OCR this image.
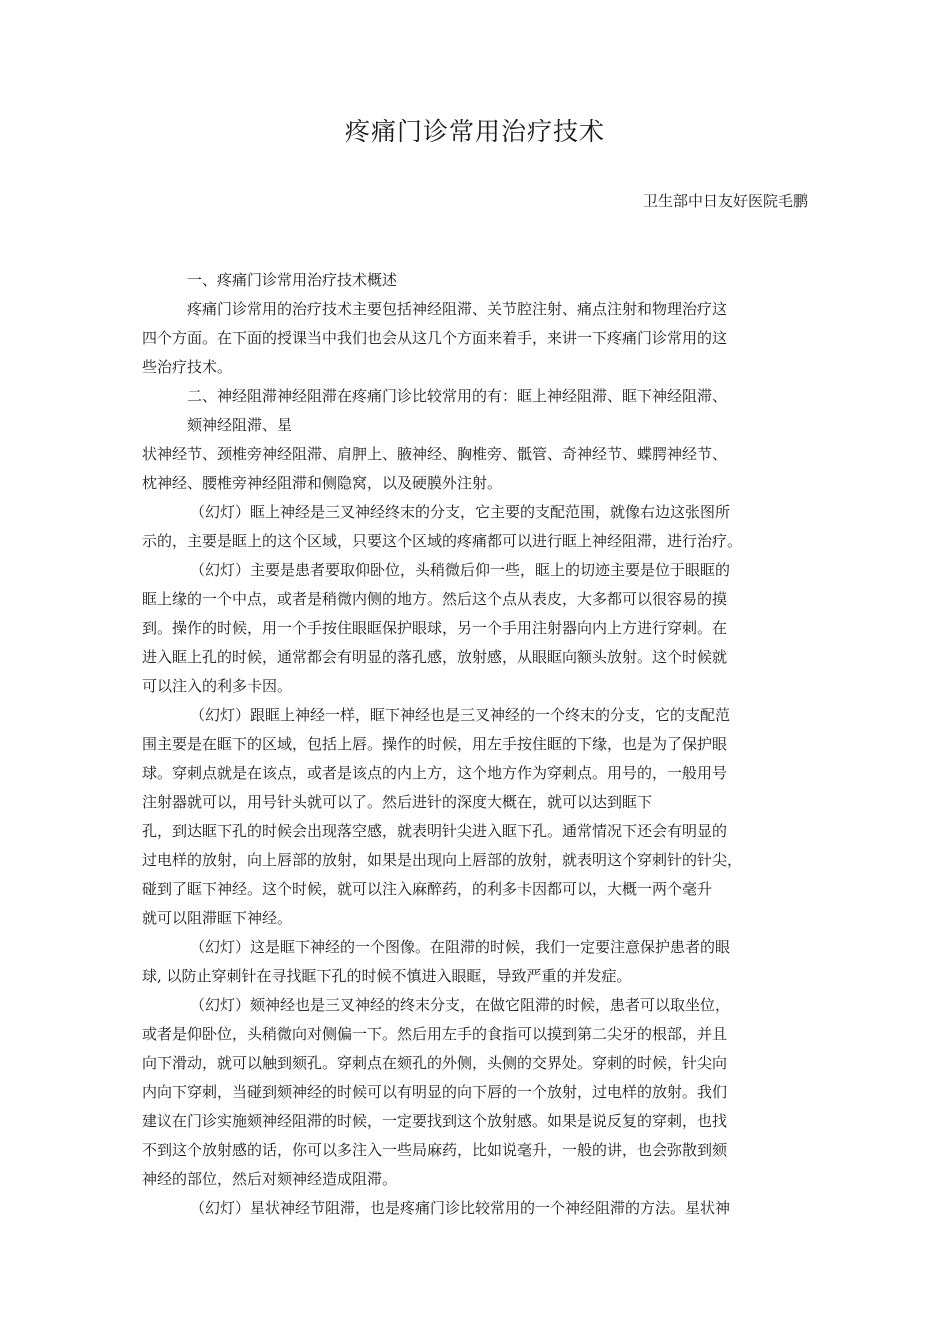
疼痛门诊常用治疗技术
卫生部中日友好医院毛鹏
一、疼痛门诊常用治疗技术概述
疼痛门诊常用的治疗技术主要包括神经阻滞、关节腔注射、痛点注射和物理治疗这
四个方面。在下面的授课当中我们也会从这几个方面来着手，来讲一下疼痛门诊常用的这
些治疗技术。
二、神经阻滞神经阻滞在疼痛门诊比较常用的有：眶上神经阻滞、眶下神经阻滞、
颏神经阻滞、星
状神经节、颈椎旁神经阻滞、肩胛上、腋神经、胸椎旁、骶管、奇神经节、蝶腭神经节、
枕神经、腰椎旁神经阻滞和侧隐窝，以及硬膜外注射。
（幻灯）眶上神经是三叉神经终末的分支，它主要的支配范围，就像右边这张图所
示的，主要是眶上的这个区域，只要这个区域的疼痛都可以进行眶上神经阻滞，进行治疗。
（幻灯）主要是患者要取仰卧位，头稍微后仰一些，眶上的切迹主要是位于眼眶的
眶上缘的一个中点，或者是稍微内侧的地方。然后这个点从表皮，大多都可以很容易的摸
到。操作的时候，用一个手按住眼眶保护眼球，另一个手用注射器向内上方进行穿刺。在
进入眶上孔的时候，通常都会有明显的落孔感，放射感，从眼眶向额头放射。这个时候就
可以注入的利多卡因。
（幻灯）跟眶上神经一样，眶下神经也是三叉神经的一个终末的分支，它的支配范
围主要是在眶下的区域，包括上唇。操作的时候，用左手按住眶的下缘，也是为了保护眼
球。穿刺点就是在该点，或者是该点的内上方，这个地方作为穿刺点。用号的，一般用号
注射器就可以，用号针头就可以了。然后进针的深度大概在，就可以达到眶下
孔，到达眶下孔的时候会出现落空感，就表明针尖进入眶下孔。通常情况下还会有明显的
过电样的放射，向上唇部的放射，如果是出现向上唇部的放射，就表明这个穿刺针的针尖，
碰到了眶下神经。这个时候，就可以注入麻醉药，的利多卡因都可以，大概一两个毫升
就可以阻滞眶下神经。
（幻灯）这是眶下神经的一个图像。在阻滞的时候，我们一定要注意保护患者的眼
球, 以防止穿刺针在寻找眶下孔的时候不慎进入眼眶，导致严重的并发症。
（幻灯）颏神经也是三叉神经的终末分支，在做它阻滞的时候，患者可以取坐位，
或者是仰卧位，头稍微向对侧偏一下。然后用左手的食指可以摸到第二尖牙的根部，并且
向下滑动，就可以触到颏孔。穿刺点在颏孔的外侧，头侧的交界处。穿刺的时候，针尖向
内向下穿刺，当碰到颏神经的时候可以有明显的向下唇的一个放射，过电样的放射。我们
建议在门诊实施颏神经阻滞的时候，一定要找到这个放射感。如果是说反复的穿刺，也找
不到这个放射感的话，你可以多注入一些局麻药，比如说毫升，一般的讲，也会弥散到颏
神经的部位，然后对颏神经造成阻滞。
（幻灯）星状神经节阻滞，也是疼痛门诊比较常用的一个神经阻滞的方法。星状神
